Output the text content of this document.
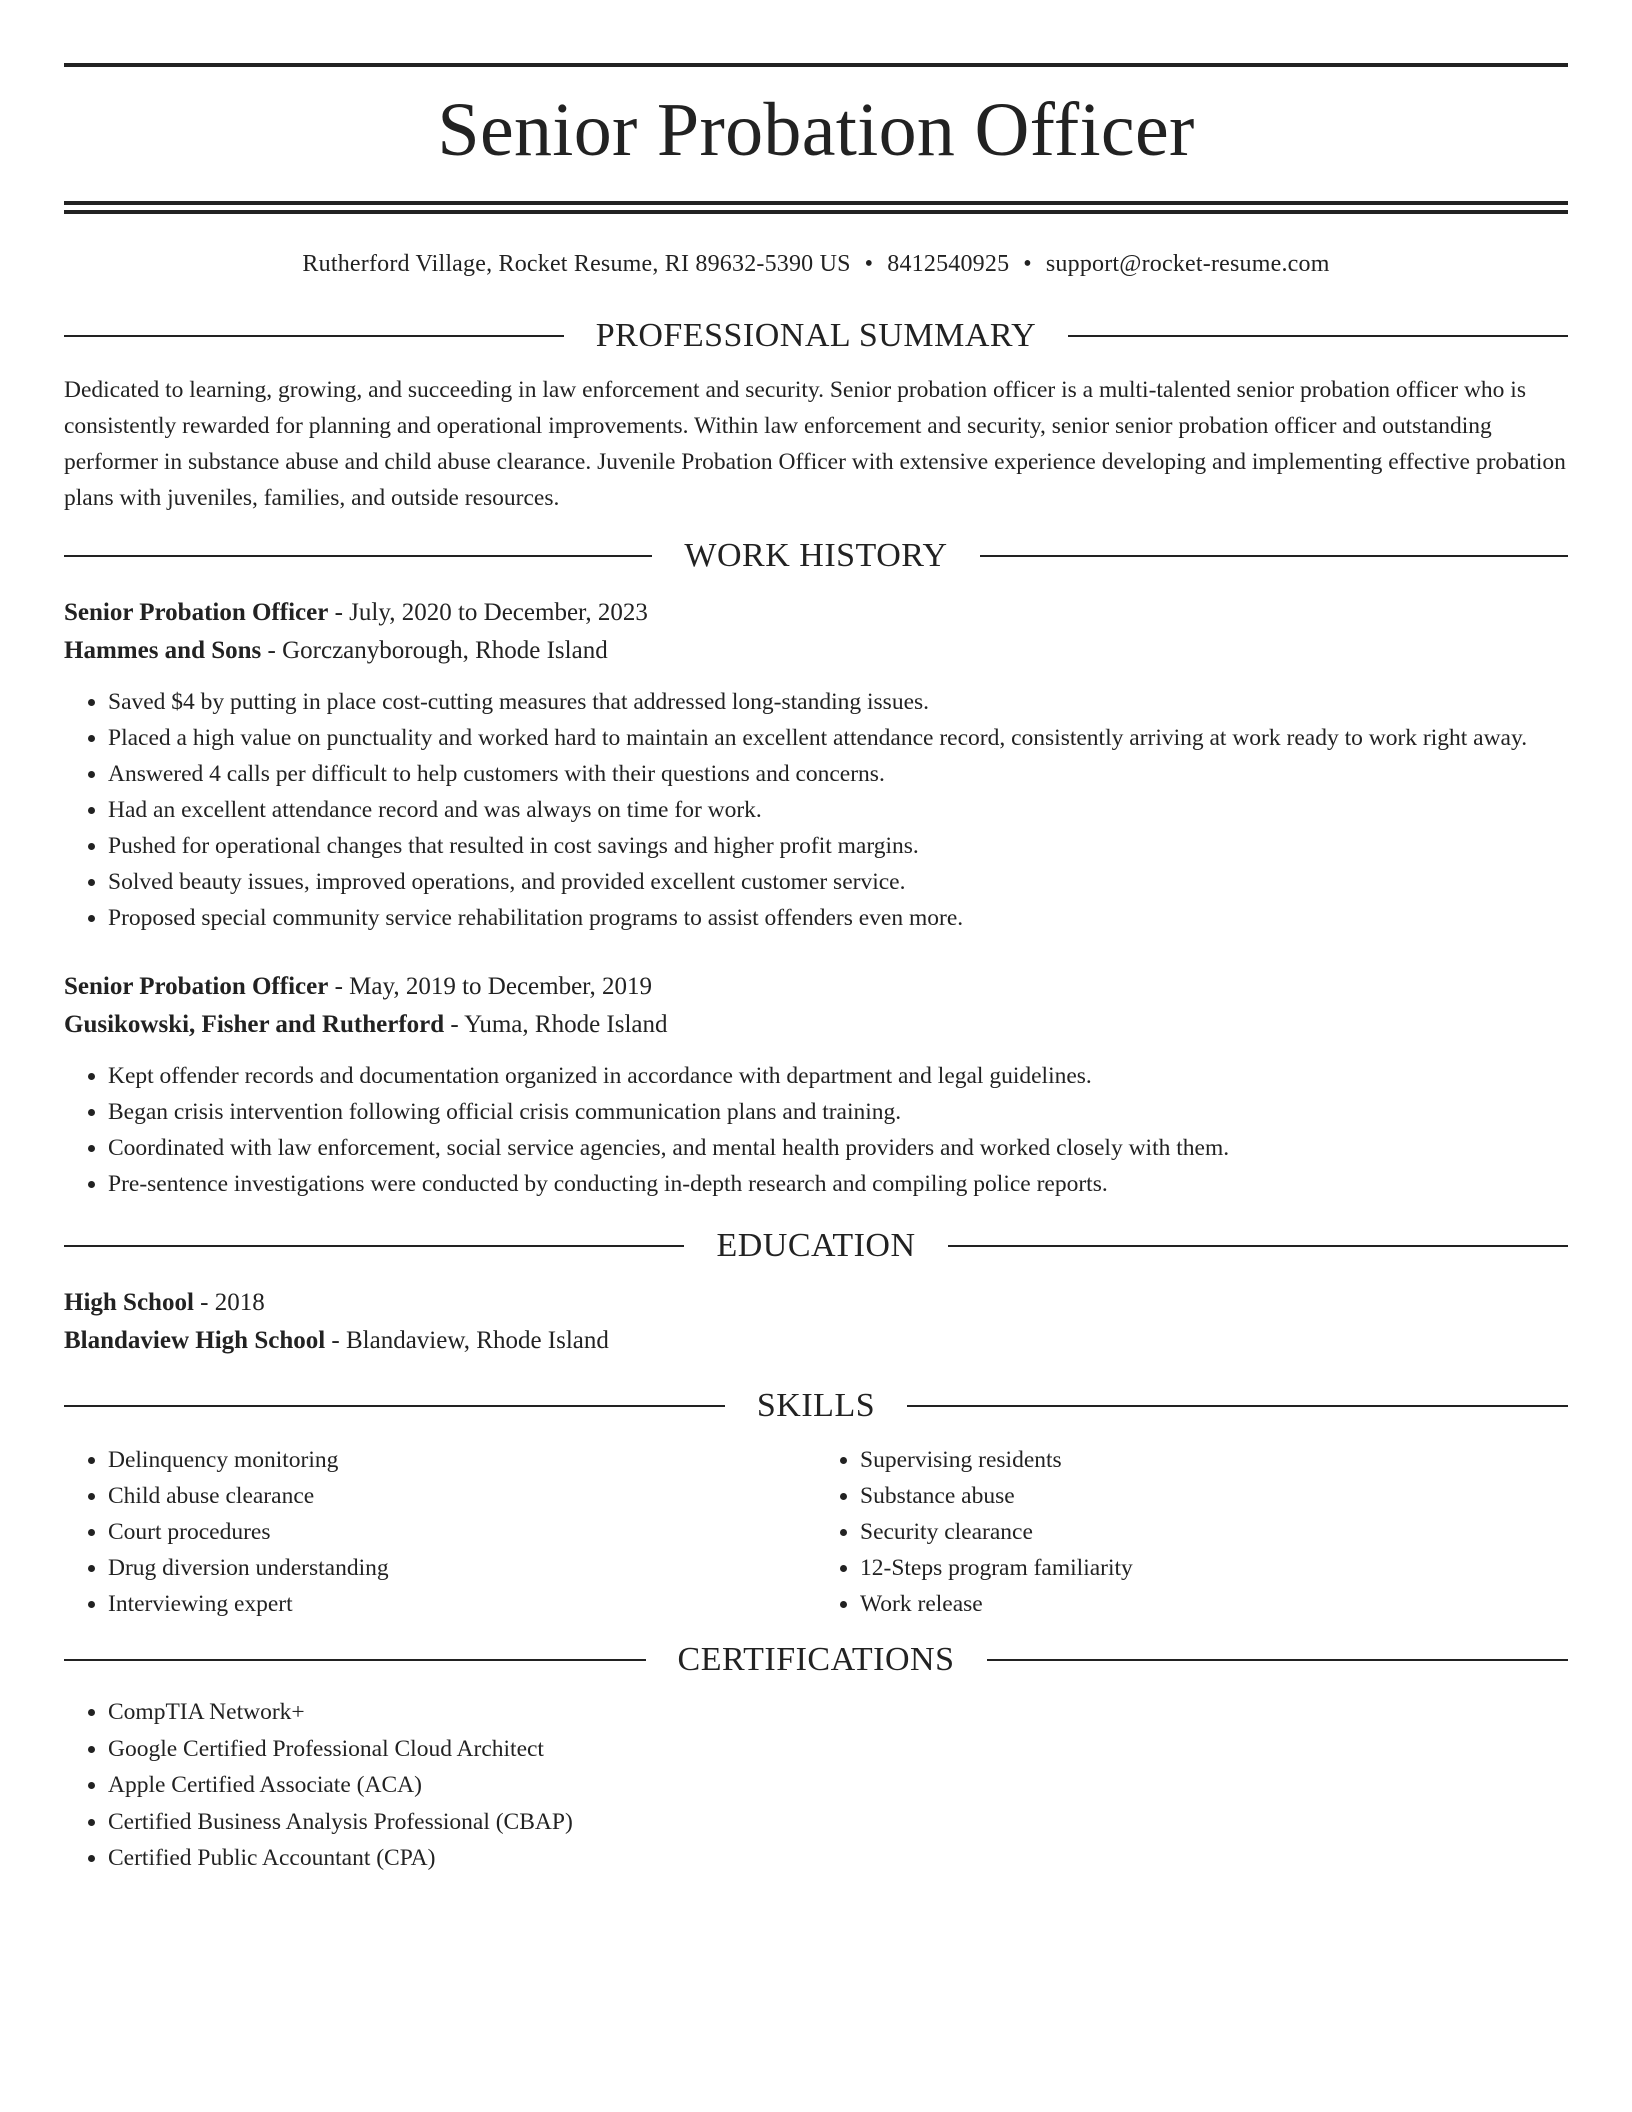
Senior Probation Officer
Rutherford Village, Rocket Resume, RI 89632-5390 US • 8412540925 • support@rocket-resume.com
PROFESSIONAL SUMMARY
Dedicated to learning, growing, and succeeding in law enforcement and security. Senior probation officer is a multi-talented senior probation officer who is consistently rewarded for planning and operational improvements. Within law enforcement and security, senior senior probation officer and outstanding performer in substance abuse and child abuse clearance. Juvenile Probation Officer with extensive experience developing and implementing effective probation plans with juveniles, families, and outside resources.
WORK HISTORY
Senior Probation Officer - July, 2020 to December, 2023
Hammes and Sons - Gorczanyborough, Rhode Island
• Saved $4 by putting in place cost-cutting measures that addressed long-standing issues.
• Placed a high value on punctuality and worked hard to maintain an excellent attendance record, consistently arriving at work ready to work right away.
• Answered 4 calls per difficult to help customers with their questions and concerns.
• Had an excellent attendance record and was always on time for work.
• Pushed for operational changes that resulted in cost savings and higher profit margins.
• Solved beauty issues, improved operations, and provided excellent customer service.
• Proposed special community service rehabilitation programs to assist offenders even more.
Senior Probation Officer - May, 2019 to December, 2019
Gusikowski, Fisher and Rutherford - Yuma, Rhode Island
• Kept offender records and documentation organized in accordance with department and legal guidelines.
• Began crisis intervention following official crisis communication plans and training.
• Coordinated with law enforcement, social service agencies, and mental health providers and worked closely with them.
• Pre-sentence investigations were conducted by conducting in-depth research and compiling police reports.
EDUCATION
High School - 2018
Blandaview High School - Blandaview, Rhode Island
SKILLS
• Delinquency monitoring
• Child abuse clearance
• Court procedures
• Drug diversion understanding
• Interviewing expert
• Supervising residents
• Substance abuse
• Security clearance
• 12-Steps program familiarity
• Work release
CERTIFICATIONS
• CompTIA Network+
• Google Certified Professional Cloud Architect
• Apple Certified Associate (ACA)
• Certified Business Analysis Professional (CBAP)
• Certified Public Accountant (CPA)
